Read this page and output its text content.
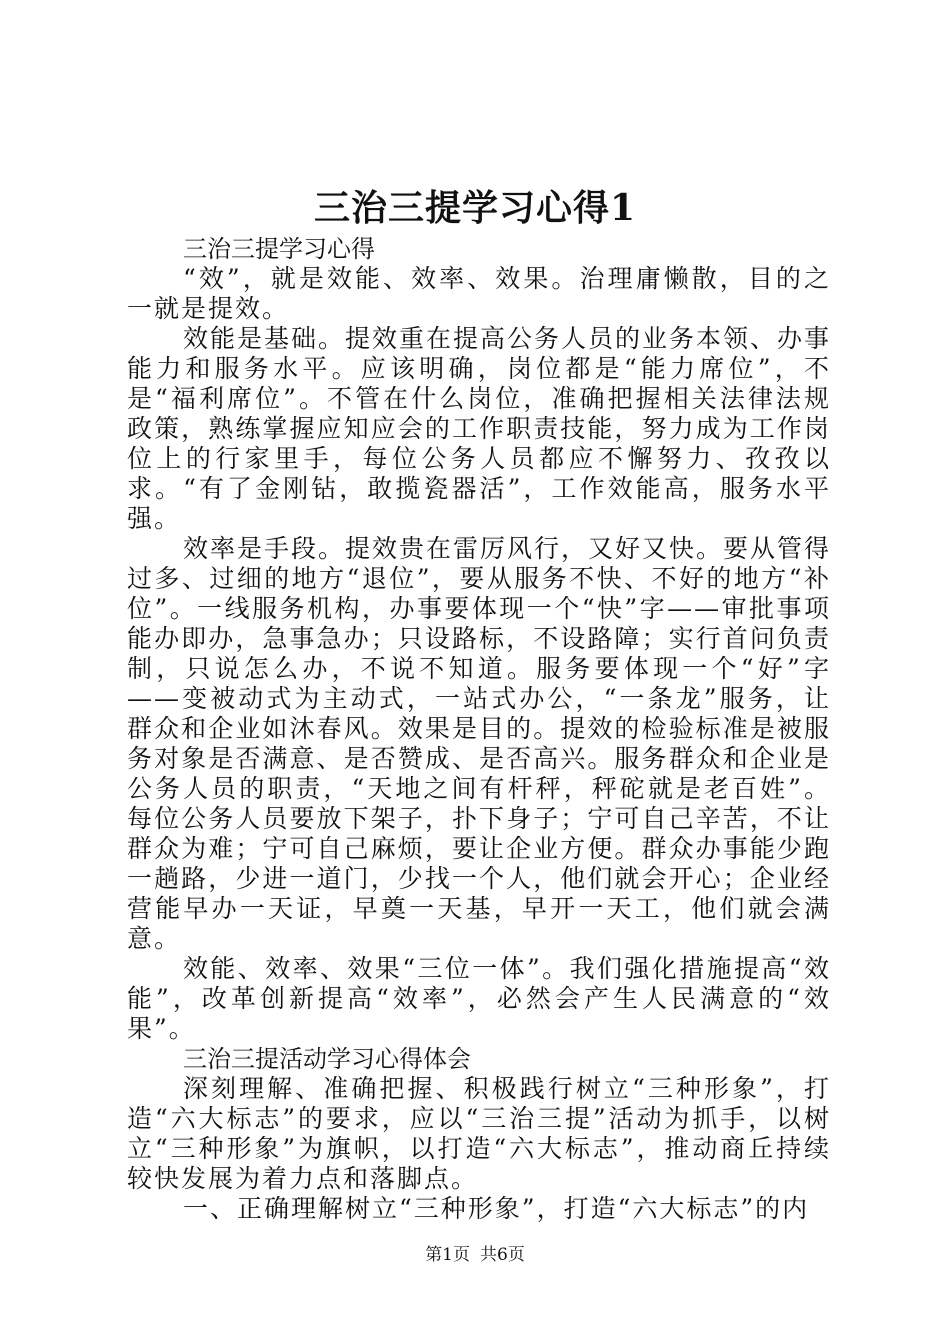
三治三提学习心得1

三治三提学习心得

“效”，就是效能、效率、效果。治理庸懒散，目的之一就是提效。

效能是基础。提效重在提高公务人员的业务本领、办事能力和服务水平。应该明确，岗位都是“能力席位”，不是“福利席位”。不管在什么岗位，准确把握相关法律法规政策，熟练掌握应知应会的工作职责技能，努力成为工作岗位上的行家里手，每位公务人员都应不懈努力、孜孜以求。“有了金刚钻，敢揽瓷器活”，工作效能高，服务水平强。

效率是手段。提效贵在雷厉风行，又好又快。要从管得过多、过细的地方“退位”，要从服务不快、不好的地方“补位”。一线服务机构，办事要体现一个“快”字——审批事项能办即办，急事急办；只设路标，不设路障；实行首问负责制，只说怎么办，不说不知道。服务要体现一个“好”字——变被动式为主动式，一站式办公，“一条龙”服务，让群众和企业如沐春风。效果是目的。提效的检验标准是被服务对象是否满意、是否赞成、是否高兴。服务群众和企业是公务人员的职责，“天地之间有杆秤，秤砣就是老百姓”。每位公务人员要放下架子，扑下身子；宁可自己辛苦，不让群众为难；宁可自己麻烦，要让企业方便。群众办事能少跑一趟路，少进一道门，少找一个人，他们就会开心；企业经营能早办一天证，早奠一天基，早开一天工，他们就会满意。

效能、效率、效果“三位一体”。我们强化措施提高“效能”，改革创新提高“效率”，必然会产生人民满意的“效果”。

三治三提活动学习心得体会

深刻理解、准确把握、积极践行树立“三种形象”，打造“六大标志”的要求，应以“三治三提”活动为抓手，以树立“三种形象”为旗帜，以打造“六大标志”，推动商丘持续较快发展为着力点和落脚点。

一、正确理解树立“三种形象”，打造“六大标志”的内

第1页 共6页
